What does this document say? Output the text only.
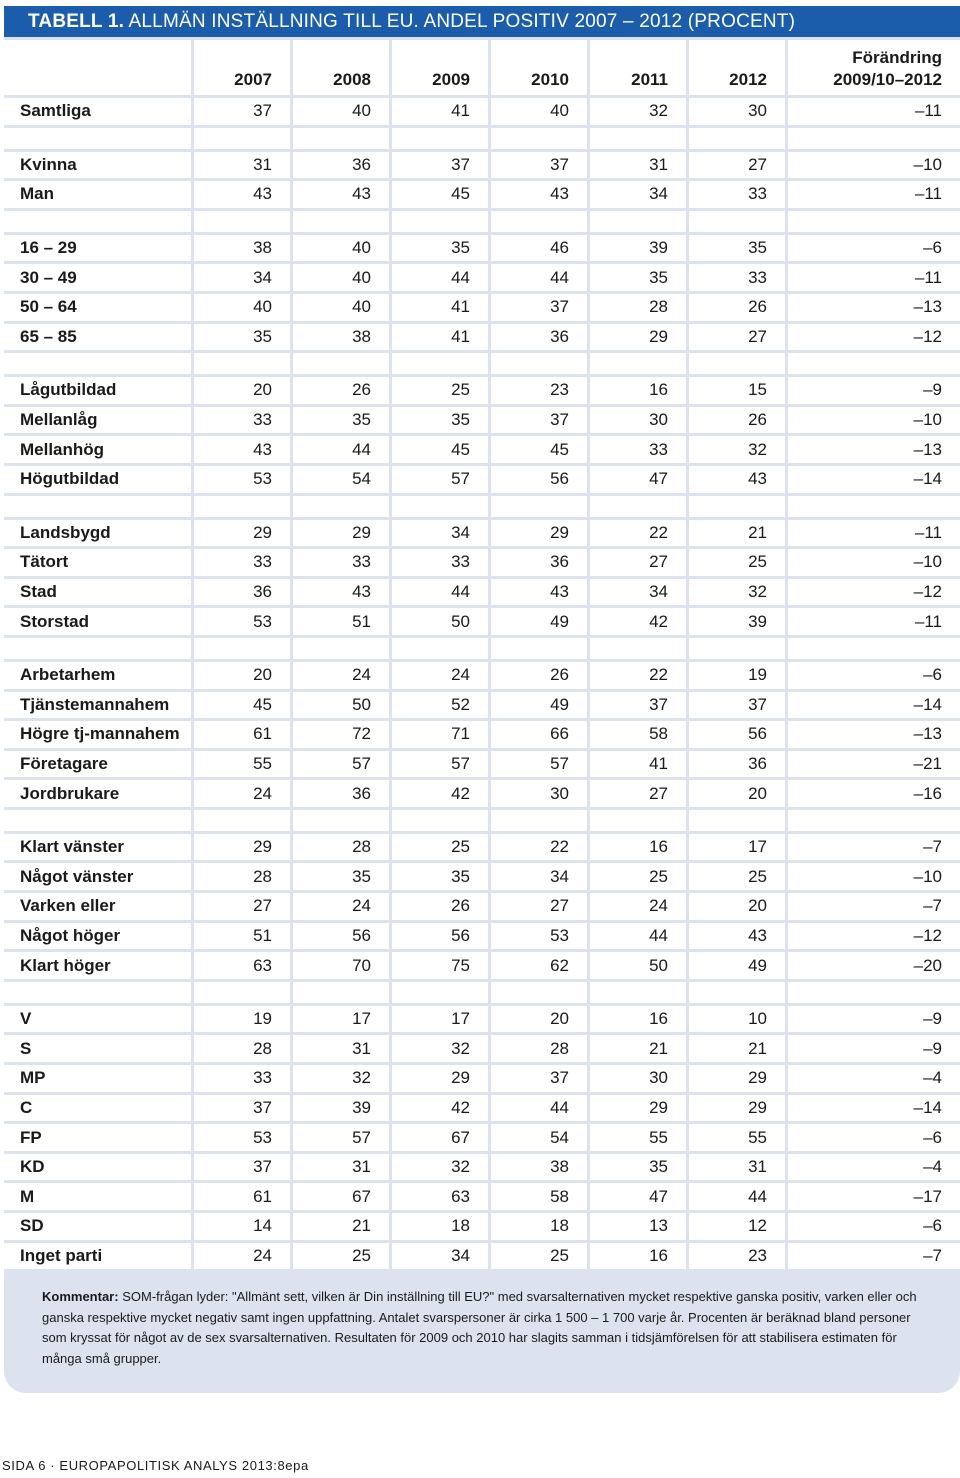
TABELL 1. ALLMÄN INSTÄLLNING TILL EU. ANDEL POSITIV 2007 – 2012 (PROCENT)
	2007	2008	2009	2010	2011	2012	Förändring
2009/10–2012
Samtliga	37	40	41	40	32	30	–11

Kvinna	31	36	37	37	31	27	–10
Man	43	43	45	43	34	33	–11

16 – 29	38	40	35	46	39	35	–6
30 – 49	34	40	44	44	35	33	–11
50 – 64	40	40	41	37	28	26	–13
65 – 85	35	38	41	36	29	27	–12

Lågutbildad	20	26	25	23	16	15	–9
Mellanlåg	33	35	35	37	30	26	–10
Mellanhög	43	44	45	45	33	32	–13
Högutbildad	53	54	57	56	47	43	–14

Landsbygd	29	29	34	29	22	21	–11
Tätort	33	33	33	36	27	25	–10
Stad	36	43	44	43	34	32	–12
Storstad	53	51	50	49	42	39	–11

Arbetarhem	20	24	24	26	22	19	–6
Tjänstemannahem	45	50	52	49	37	37	–14
Högre tj-mannahem	61	72	71	66	58	56	–13
Företagare	55	57	57	57	41	36	–21
Jordbrukare	24	36	42	30	27	20	–16

Klart vänster	29	28	25	22	16	17	–7
Något vänster	28	35	35	34	25	25	–10
Varken eller	27	24	26	27	24	20	–7
Något höger	51	56	56	53	44	43	–12
Klart höger	63	70	75	62	50	49	–20

V	19	17	17	20	16	10	–9
S	28	31	32	28	21	21	–9
MP	33	32	29	37	30	29	–4
C	37	39	42	44	29	29	–14
FP	53	57	67	54	55	55	–6
KD	37	31	32	38	35	31	–4
M	61	67	63	58	47	44	–17
SD	14	21	18	18	13	12	–6
Inget parti	24	25	34	25	16	23	–7
Kommentar: SOM-frågan lyder: "Allmänt sett, vilken är Din inställning till EU?" med svarsalternativen mycket respektive ganska positiv, varken eller och ganska respektive mycket negativ samt ingen uppfattning. Antalet svarspersoner är cirka 1 500 – 1 700 varje år. Procenten är beräknad bland personer som kryssat för något av de sex svarsalternativen. Resultaten för 2009 och 2010 har slagits samman i tidsjämförelsen för att stabilisera estimaten för många små grupper.
SIDA 6 · EUROPAPOLITISK ANALYS 2013:8epa
